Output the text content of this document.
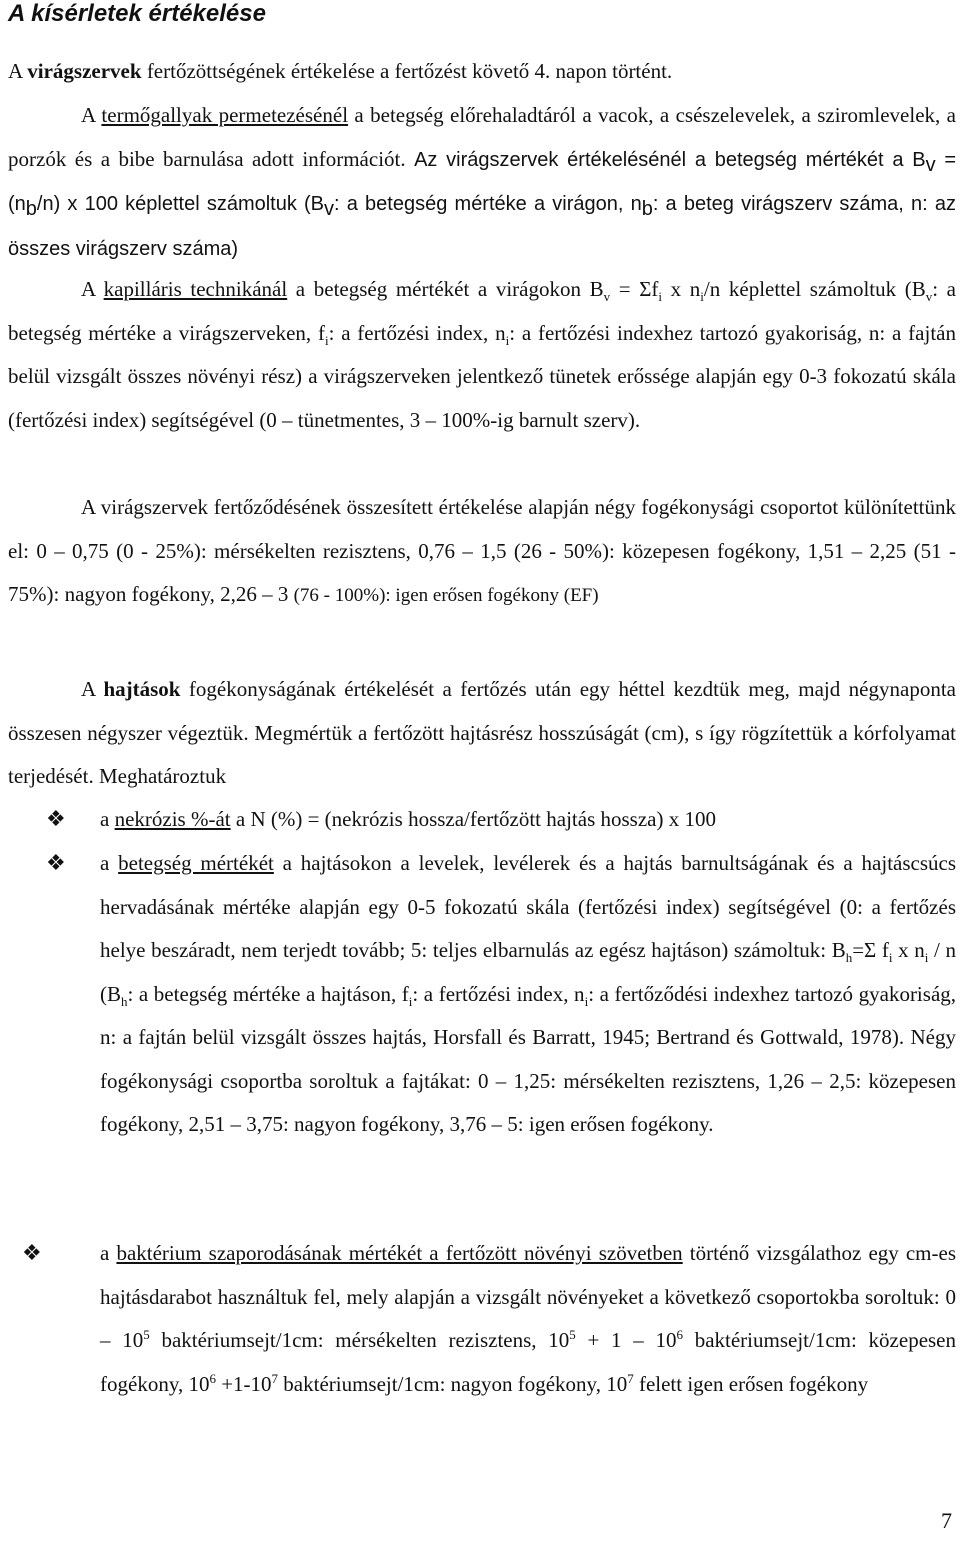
A kísérletek értékelése

A virágszervek fertőzöttségének értékelése a fertőzést követő 4. napon történt.

A termőgallyak permetezésénél a betegség előrehaladtáról a vacok, a csészelevelek, a sziromlevelek, a porzók és a bibe barnulása adott információt. Az virágszervek értékelésénél a betegség mértékét a $B_v = (n_b/n)$ x 100 képlettel számoltuk ($B_v$: a betegség mértéke a virágon, $n_b$: a beteg virágszerv száma, n: az összes virágszerv száma)

A kapilláris technikánál a betegség mértékét a virágokon $B_v = \Sigma f_i$ x $n_i/n$ képlettel számoltuk ($B_v$: a betegség mértéke a virágszerveken, $f_i$: a fertőzési index, $n_i$: a fertőzési indexhez tartozó gyakoriság, n: a fajtán belül vizsgált összes növényi rész) a virágszerveken jelentkező tünetek erőssége alapján egy 0-3 fokozatú skála (fertőzési index) segítségével (0 – tünetmentes, 3 – 100%-ig barnult szerv).

A virágszervek fertőződésének összesített értékelése alapján négy fogékonysági csoportot különítettünk el: 0 – 0,75 (0 - 25%): mérsékelten rezisztens, 0,76 – 1,5 (26 - 50%): közepesen fogékony, 1,51 – 2,25 (51 - 75%): nagyon fogékony, 2,26 – 3 (76 - 100%): igen erősen fogékony (EF)

A hajtások fogékonyságának értékelését a fertőzés után egy héttel kezdtük meg, majd négynaponta összesen négyszer végeztük. Megmértük a fertőzött hajtásrész hosszúságát (cm), s így rögzítettük a kórfolyamat terjedését. Meghatároztuk

❖ a nekrózis %-át a N (%) = (nekrózis hossza/fertőzött hajtás hossza) x 100

❖ a betegség mértékét a hajtásokon a levelek, levélerek és a hajtás barnultságának és a hajtáscsúcs hervadásának mértéke alapján egy 0-5 fokozatú skála (fertőzési index) segítségével (0: a fertőzés helye beszáradt, nem terjedt tovább; 5: teljes elbarnulás az egész hajtáson) számoltuk: $B_h=\Sigma$ $f_i$ x $n_i$ / n ($B_h$: a betegség mértéke a hajtáson, $f_i$: a fertőzési index, $n_i$: a fertőződési indexhez tartozó gyakoriság, n: a fajtán belül vizsgált összes hajtás, Horsfall és Barratt, 1945; Bertrand és Gottwald, 1978). Négy fogékonysági csoportba soroltuk a fajtákat: 0 – 1,25: mérsékelten rezisztens, 1,26 – 2,5: közepesen fogékony, 2,51 – 3,75: nagyon fogékony, 3,76 – 5: igen erősen fogékony.

❖	a baktérium szaporodásának mértékét a fertőzött növényi szövetben történő vizsgálathoz egy cm-es hajtásdarabot használtuk fel, mely alapján a vizsgált növényeket a következő csoportokba soroltuk: $0 - 10^5$ baktériumsejt/1cm: mérsékelten rezisztens, $10^5 + 1 - 10^6$ baktériumsejt/1cm: közepesen fogékony, $10^6 +1-10^7$ baktériumsejt/1cm: nagyon fogékony, $10^7$ felett igen erősen fogékony

7
